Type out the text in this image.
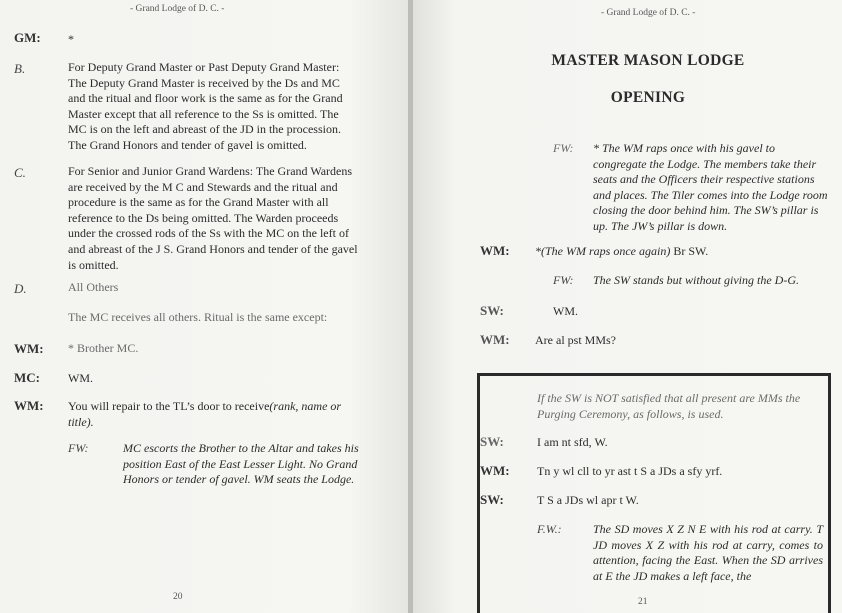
- Grand Lodge of D. C. -
GM: *
B.	For Deputy Grand Master or Past Deputy Grand Master: The Deputy Grand Master is received by the Ds and MC and the ritual and floor work is the same as for the Grand Master except that all reference to the Ss is omitted. The MC is on the left and abreast of the JD in the procession. The Grand Honors and tender of gavel is omitted.
C.	For Senior and Junior Grand Wardens: The Grand Wardens are received by the M C and Stewards and the ritual and procedure is the same as for the Grand Master with all reference to the Ds being omitted. The Warden proceeds under the crossed rods of the Ss with the MC on the left of and abreast of the J S. Grand Honors and tender of the gavel is omitted.
D.	All Others
The MC receives all others. Ritual is the same except:
WM: * Brother MC.
MC: WM.
WM: You will repair to the TL’s door to receive(rank, name or title).
FW:	MC escorts the Brother to the Altar and takes his position East of the East Lesser Light. No Grand Honors or tender of gavel. WM seats the Lodge.
20
- Grand Lodge of D. C. -
MASTER MASON LODGE
OPENING
FW: * The WM raps once with his gavel to congregate the Lodge. The members take their seats and the Officers their respective stations and places. The Tiler comes into the Lodge room closing the door behind him. The SW’s pillar is up. The JW’s pillar is down.
WM: *(The WM raps once again) Br SW.
FW: The SW stands but without giving the D-G.
SW:	WM.
WM: Are al pst MMs?
If the SW is NOT satisfied that all present are MMs the Purging Ceremony, as follows, is used.
SW:	I am nt sfd, W.
WM: Tn y wl cll to yr ast t S a JDs a sfy yrf.
SW:	T S a JDs wl apr t W.
F.W.:	The SD moves X Z N E with his rod at carry. T JD moves X Z with his rod at carry, comes to attention, facing the East. When the SD arrives at E the JD makes a left face, the
21
